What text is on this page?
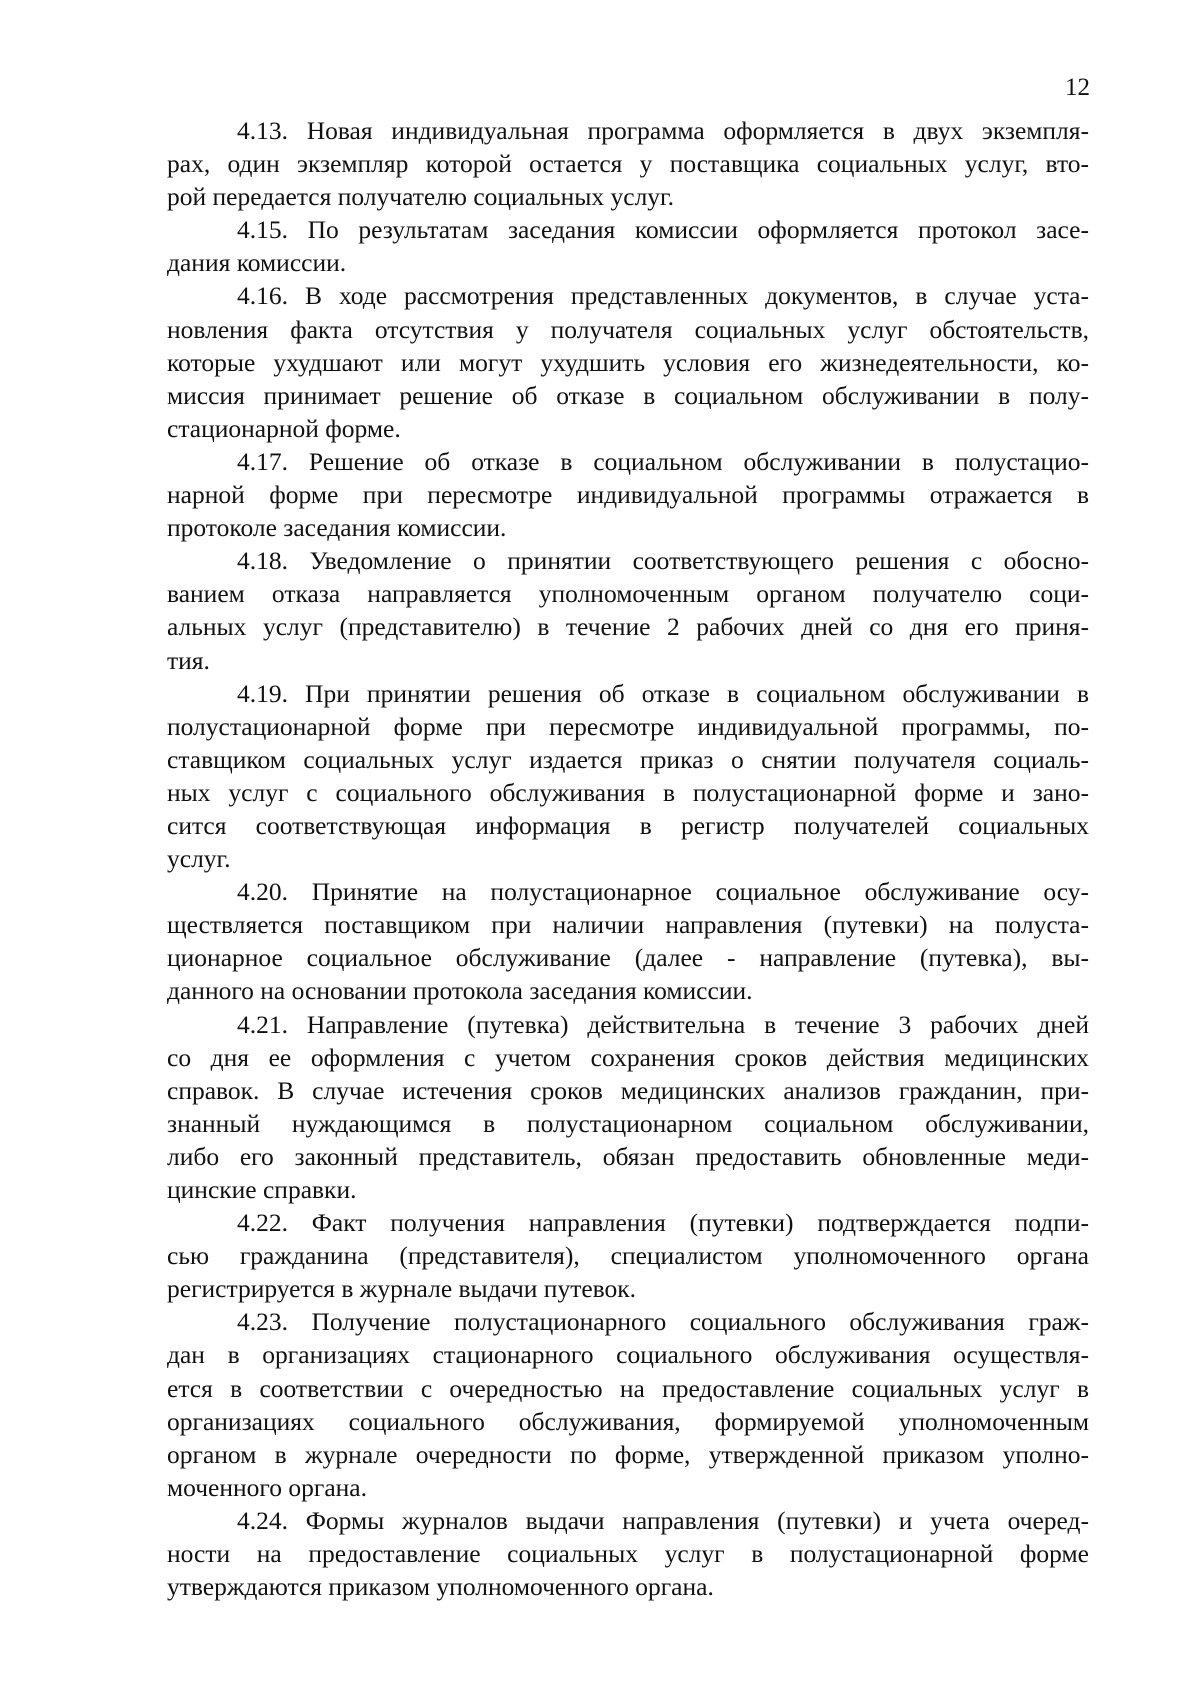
12

4.13. Новая индивидуальная программа оформляется в двух экземпля-
рах, один экземпляр которой остается у поставщика социальных услуг, вто-
рой передается получателю социальных услуг.

4.15. По результатам заседания комиссии оформляется протокол засе-
дания комиссии.

4.16. В ходе рассмотрения представленных документов, в случае уста-
новления факта отсутствия у получателя социальных услуг обстоятельств,
которые ухудшают или могут ухудшить условия его жизнедеятельности, ко-
миссия принимает решение об отказе в социальном обслуживании в полу-
стационарной форме.

4.17. Решение об отказе в социальном обслуживании в полустацио-
нарной форме при пересмотре индивидуальной программы отражается в
протоколе заседания комиссии.

4.18. Уведомление о принятии соответствующего решения с обосно-
ванием отказа направляется уполномоченным органом получателю соци-
альных услуг (представителю) в течение 2 рабочих дней со дня его приня-
тия.

4.19. При принятии решения об отказе в социальном обслуживании в
полустационарной форме при пересмотре индивидуальной программы, по-
ставщиком социальных услуг издается приказ о снятии получателя социаль-
ных услуг с социального обслуживания в полустационарной форме и зано-
сится соответствующая информация в регистр получателей социальных
услуг.

4.20. Принятие на полустационарное социальное обслуживание осу-
ществляется поставщиком при наличии направления (путевки) на полуста-
ционарное социальное обслуживание (далее - направление (путевка), вы-
данного на основании протокола заседания комиссии.

4.21. Направление (путевка) действительна в течение 3 рабочих дней
со дня ее оформления с учетом сохранения сроков действия медицинских
справок. В случае истечения сроков медицинских анализов гражданин, при-
знанный нуждающимся в полустационарном социальном обслуживании,
либо его законный представитель, обязан предоставить обновленные меди-
цинские справки.

4.22. Факт получения направления (путевки) подтверждается подпи-
сью гражданина (представителя), специалистом уполномоченного органа
регистрируется в журнале выдачи путевок.

4.23. Получение полустационарного социального обслуживания граж-
дан в организациях стационарного социального обслуживания осуществля-
ется в соответствии с очередностью на предоставление социальных услуг в
организациях социального обслуживания, формируемой уполномоченным
органом в журнале очередности по форме, утвержденной приказом уполно-
моченного органа.

4.24. Формы журналов выдачи направления (путевки) и учета очеред-
ности на предоставление социальных услуг в полустационарной форме
утверждаются приказом уполномоченного органа.
